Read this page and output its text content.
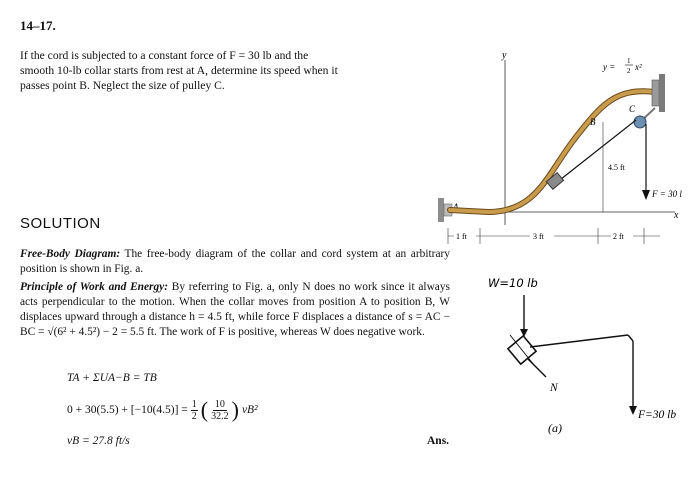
14–17.
If the cord is subjected to a constant force of F = 30 lb and the smooth 10-lb collar starts from rest at A, determine its speed when it passes point B. Neglect the size of pulley C.
SOLUTION
Free-Body Diagram: The free-body diagram of the collar and cord system at an arbitrary position is shown in Fig. a.
Principle of Work and Energy: By referring to Fig. a, only N does no work since it always acts perpendicular to the motion. When the collar moves from position A to position B, W displaces upward through a distance h = 4.5 ft, while force F displaces a distance of s = AC − BC = √(6² + 4.5²) − 2 = 5.5 ft. The work of F is positive, whereas W does negative work.
TA + ΣUA−B = TB
$0 + 30(5.5) + [-10(4.5)] = \frac{1}{2}$ ( $\frac{10}{32.2}$ ) vB²
vB = 27.8 ft/s	Ans.
y
x
A
y =
1
2 x²
C
F = 30 l
B
4.5 ft
1 ft	3 ft	2 ft
W=10 lb
F=30 lb
N
(a)
